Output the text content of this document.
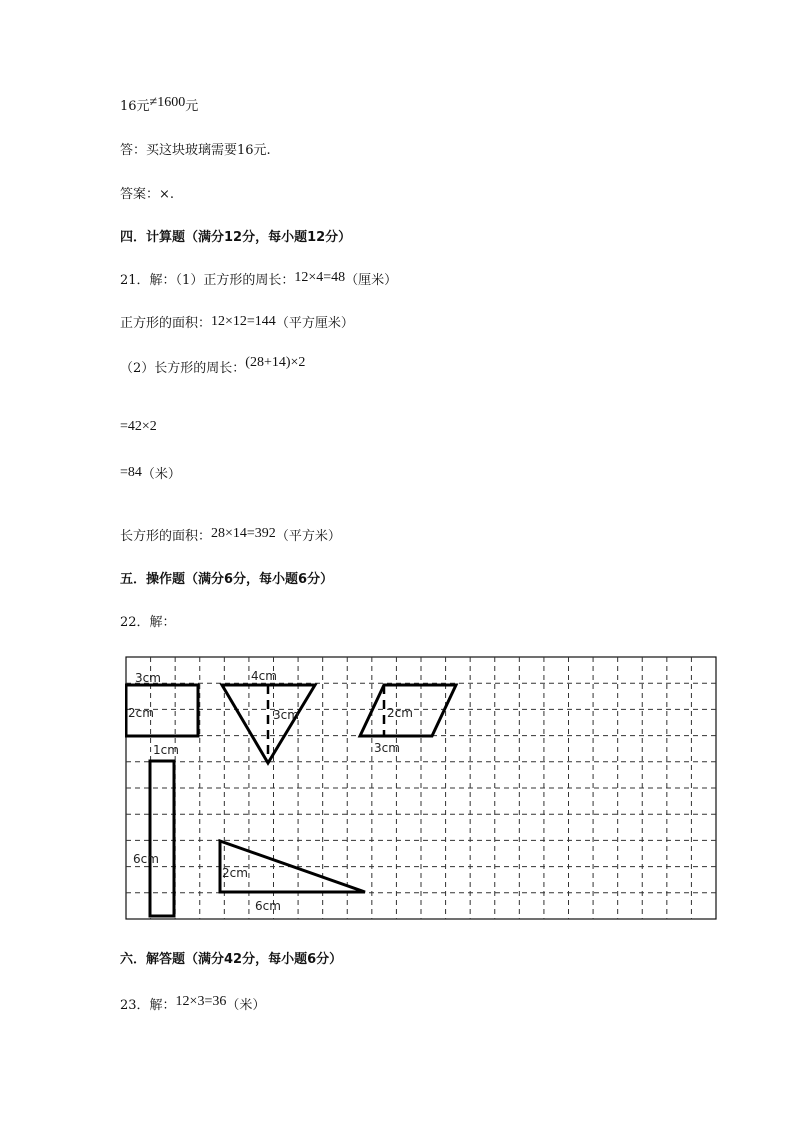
16元≠1600元
答：买这块玻璃需要16元.
答案：×.
四．计算题（满分12分，每小题12分）
21．解：（1）正方形的周长：12×4=48（厘米）
正方形的面积：12×12=144（平方厘米）
（2）长方形的周长：(28+14)×2
=42×2
=84（米）
长方形的面积：28×14=392（平方米）
五．操作题（满分6分，每小题6分）
22．解：
3cm
2cm
4cm
3cm	2cm
3cm
1cm
6cm
2cm
6cm
六．解答题（满分42分，每小题6分）
23．解：12×3=36（米）
